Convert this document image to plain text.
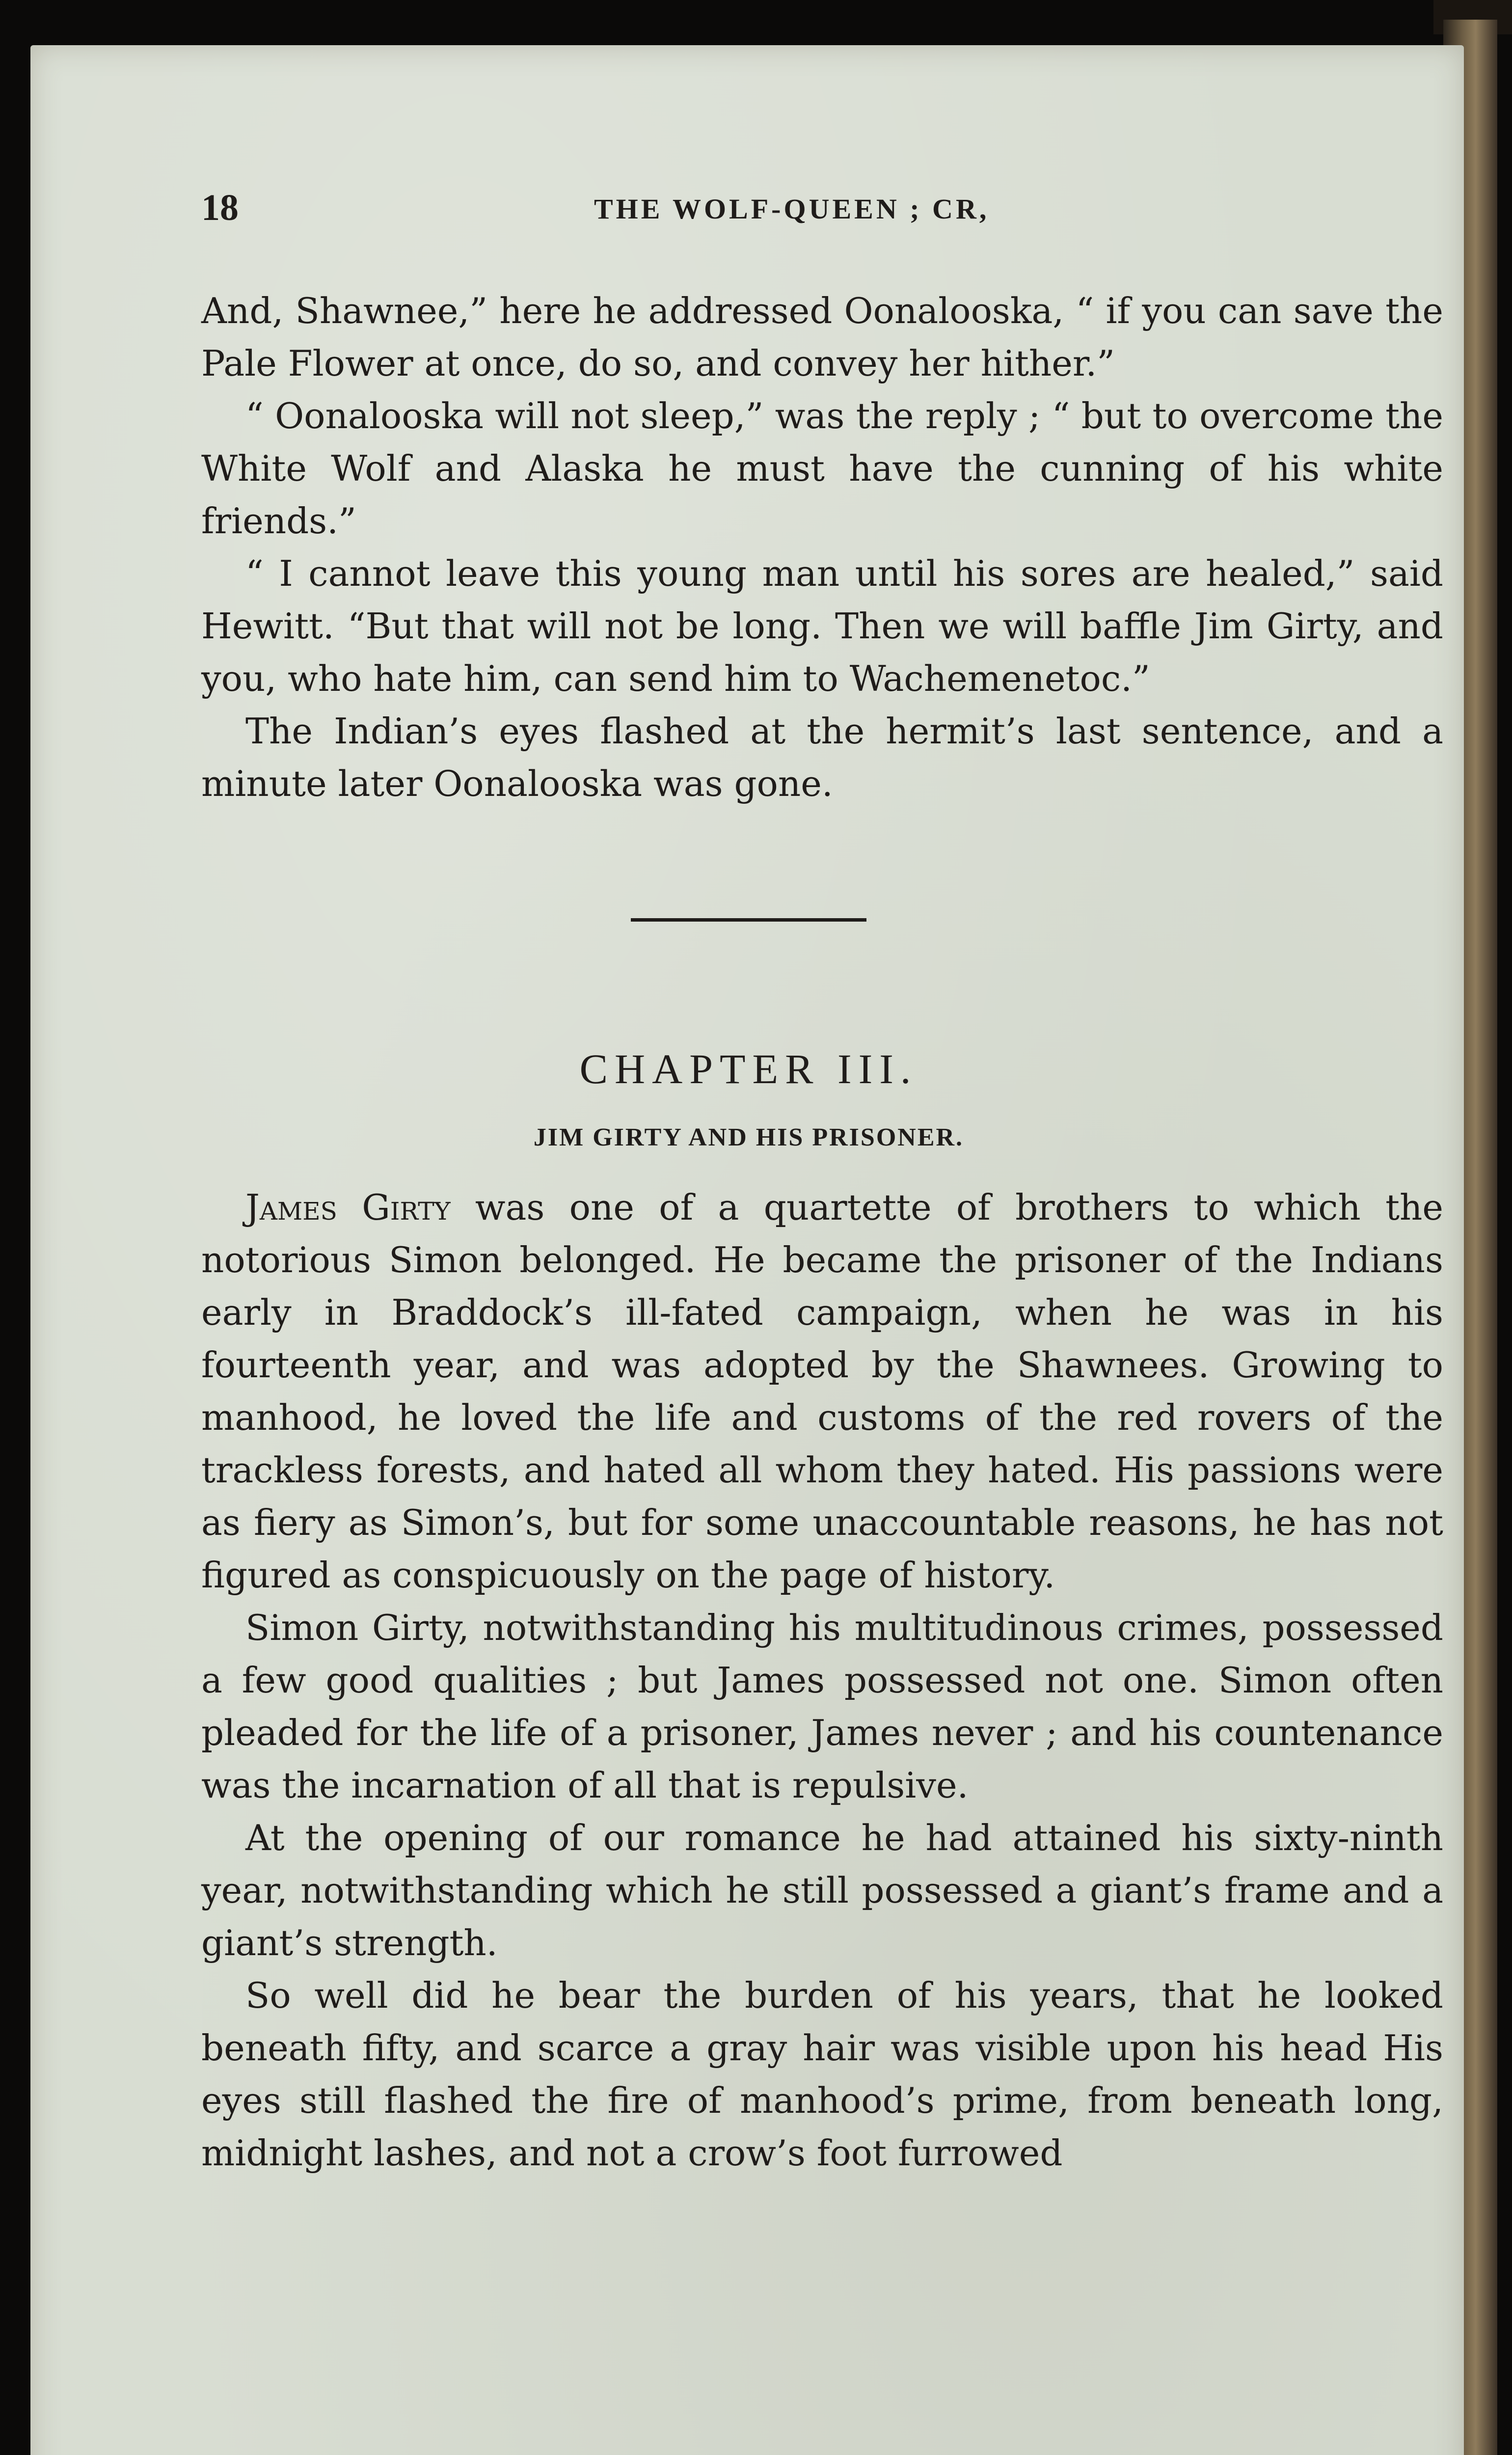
18	THE WOLF-QUEEN ; CR,

And, Shawnee,” here he addressed Oonalooska, “ if you can save the Pale Flower at once, do so, and convey her hither.”

“ Oonalooska will not sleep,” was the reply ; “ but to overcome the White Wolf and Alaska he must have the cunning of his white friends.”

“ I cannot leave this young man until his sores are healed,” said Hewitt. “But that will not be long. Then we will baffle Jim Girty, and you, who hate him, can send him to Wachemenetoc.”

The Indian’s eyes flashed at the hermit’s last sentence, and a minute later Oonalooska was gone.

CHAPTER III.
JIM GIRTY AND HIS PRISONER.

James Girty was one of a quartette of brothers to which the notorious Simon belonged. He became the prisoner of the Indians early in Braddock’s ill-fated campaign, when he was in his fourteenth year, and was adopted by the Shawnees. Growing to manhood, he loved the life and customs of the red rovers of the trackless forests, and hated all whom they hated. His passions were as fiery as Simon’s, but for some unaccountable reasons, he has not figured as conspicuously on the page of history.

Simon Girty, notwithstanding his multitudinous crimes, possessed a few good qualities ; but James possessed not one. Simon often pleaded for the life of a prisoner, James never ; and his countenance was the incarnation of all that is repulsive.

At the opening of our romance he had attained his sixty-ninth year, notwithstanding which he still possessed a giant’s frame and a giant’s strength.

So well did he bear the burden of his years, that he looked beneath fifty, and scarce a gray hair was visible upon his head His eyes still flashed the fire of manhood’s prime, from beneath long, midnight lashes, and not a crow’s foot furrowed
